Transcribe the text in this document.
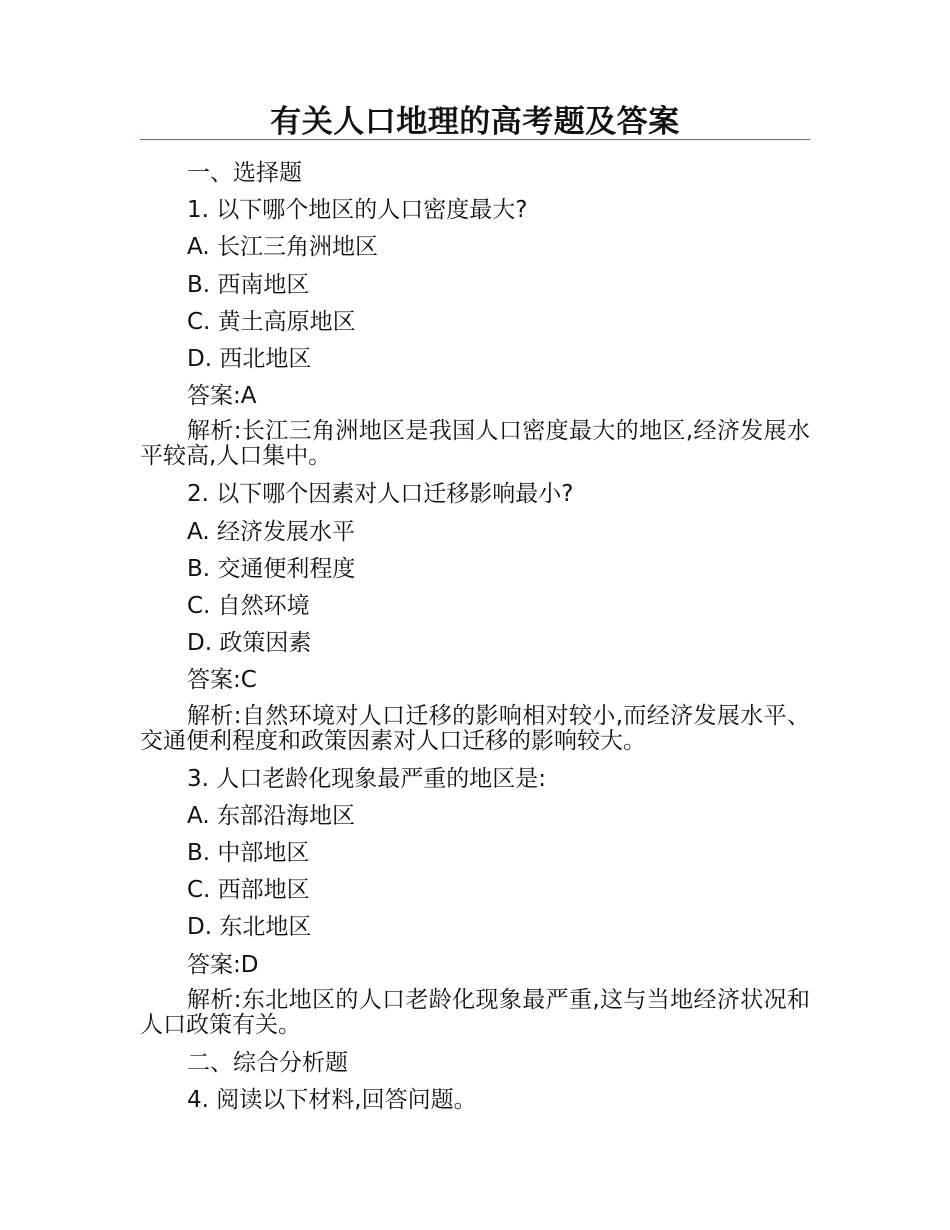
有关人口地理的高考题及答案

一、选择题

1. 以下哪个地区的人口密度最大?

A. 长江三角洲地区

B. 西南地区

C. 黄土高原地区

D. 西北地区

答案:A

解析:长江三角洲地区是我国人口密度最大的地区,经济发展水平较高,人口集中。

2. 以下哪个因素对人口迁移影响最小?

A. 经济发展水平

B. 交通便利程度

C. 自然环境

D. 政策因素

答案:C

解析:自然环境对人口迁移的影响相对较小,而经济发展水平、交通便利程度和政策因素对人口迁移的影响较大。

3. 人口老龄化现象最严重的地区是:

A. 东部沿海地区

B. 中部地区

C. 西部地区

D. 东北地区

答案:D

解析:东北地区的人口老龄化现象最严重,这与当地经济状况和人口政策有关。

二、综合分析题

4. 阅读以下材料,回答问题。
